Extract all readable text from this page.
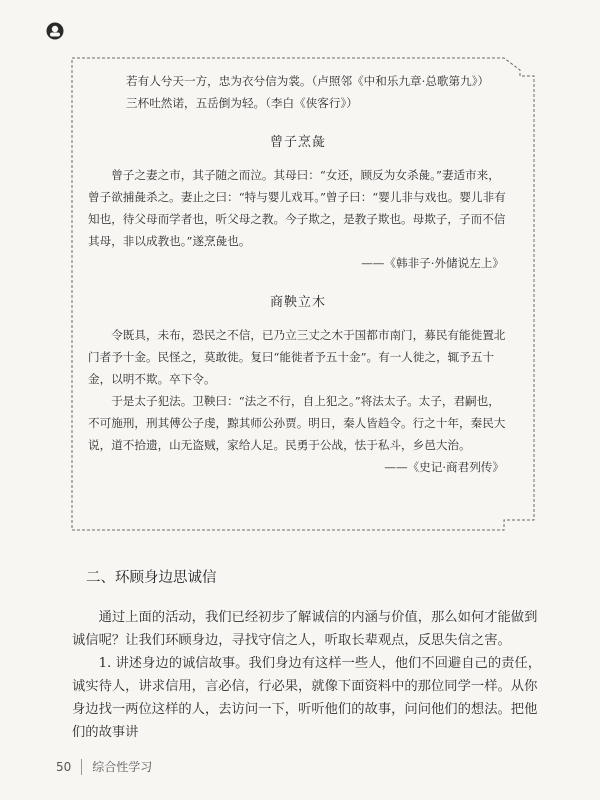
若有人兮天一方，忠为衣兮信为裳。（卢照邻《中和乐九章·总歌第九》）

三杯吐然诺，五岳倒为轻。（李白《侠客行》）

曾子烹彘

曾子之妻之市，其子随之而泣。其母曰：“女还，顾反为女杀彘。”妻适市来，曾子欲捕彘杀之。妻止之曰：“特与婴儿戏耳。”曾子曰：“婴儿非与戏也。婴儿非有知也，待父母而学者也，听父母之教。今子欺之，是教子欺也。母欺子，子而不信其母，非以成教也。”遂烹彘也。

——《韩非子·外储说左上》

商鞅立木

令既具，未布，恐民之不信，已乃立三丈之木于国都市南门，募民有能徙置北门者予十金。民怪之，莫敢徙。复曰“能徙者予五十金”。有一人徙之，辄予五十金，以明不欺。卒下令。

于是太子犯法。卫鞅曰：“法之不行，自上犯之。”将法太子。太子，君嗣也，不可施刑，刑其傅公子虔，黥其师公孙贾。明日，秦人皆趋令。行之十年，秦民大说，道不拾遗，山无盗贼，家给人足。民勇于公战，怯于私斗，乡邑大治。

——《史记·商君列传》

二、环顾身边思诚信

通过上面的活动，我们已经初步了解诚信的内涵与价值，那么如何才能做到诚信呢？让我们环顾身边，寻找守信之人，听取长辈观点，反思失信之害。

1. 讲述身边的诚信故事。我们身边有这样一些人，他们不回避自己的责任，诚实待人，讲求信用，言必信，行必果，就像下面资料中的那位同学一样。从你身边找一两位这样的人，去访问一下，听听他们的故事，问问他们的想法。把他们的故事讲

50 综合性学习
